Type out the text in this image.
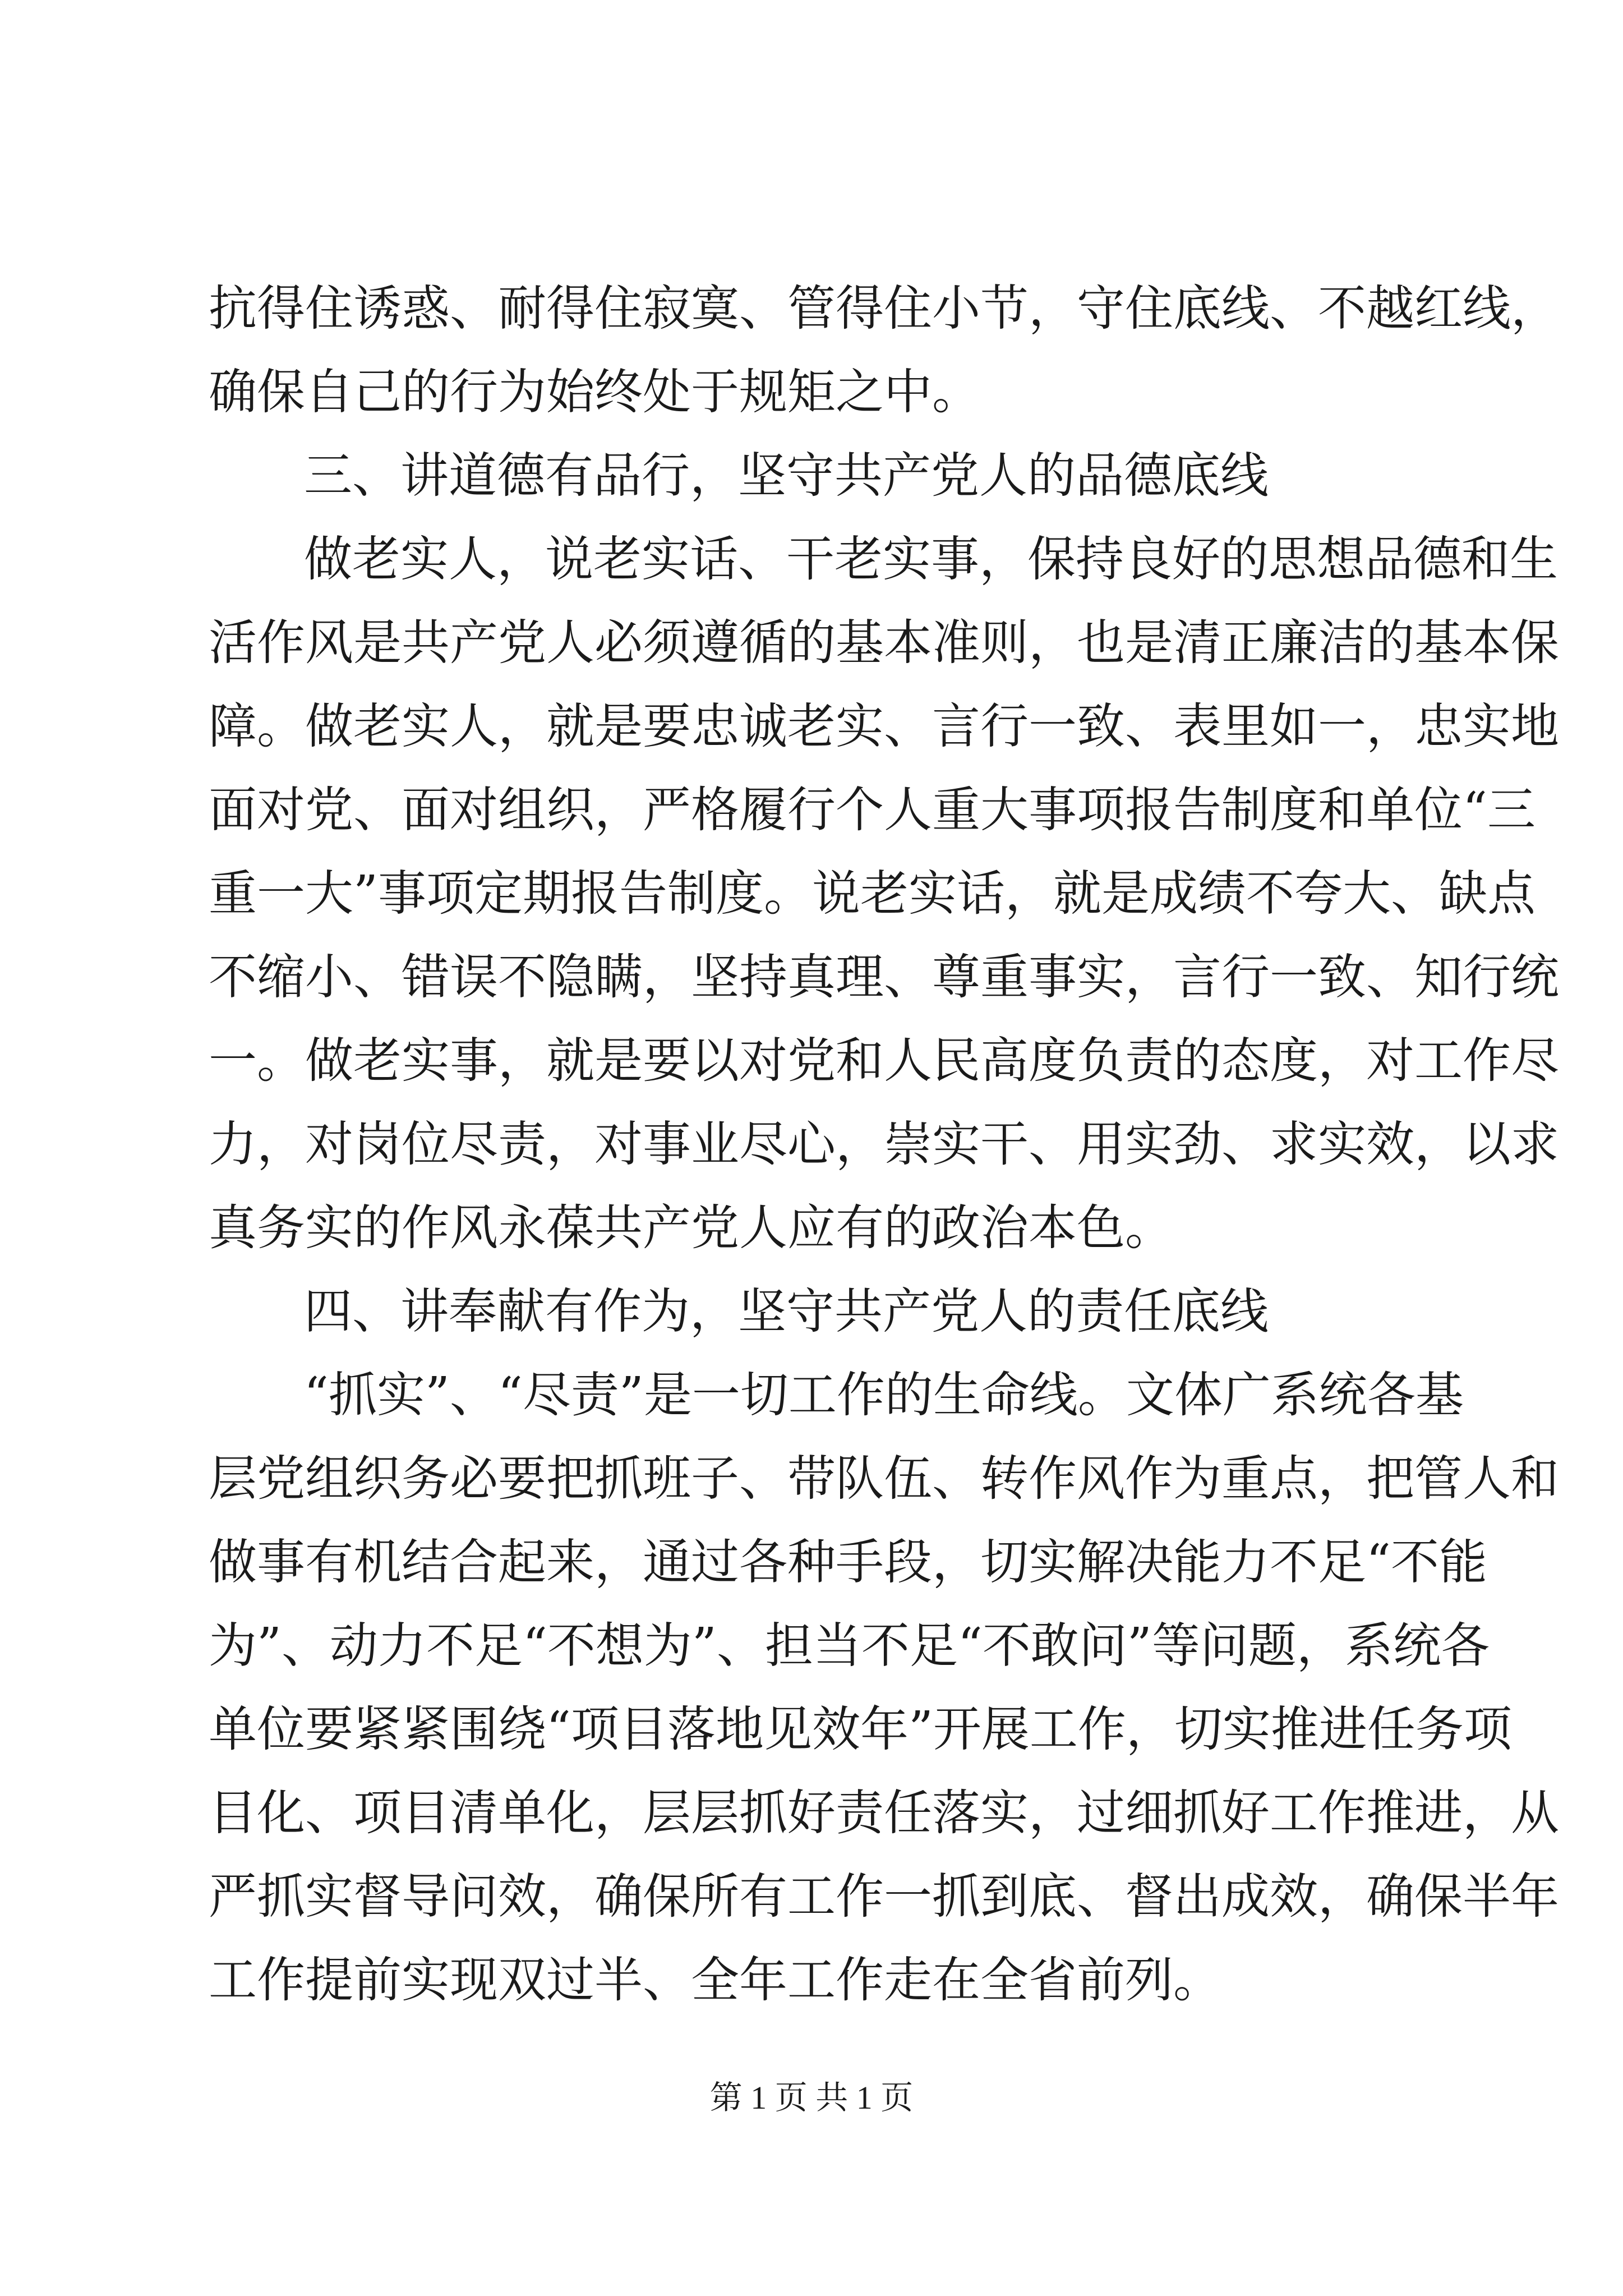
抗得住诱惑、耐得住寂寞、管得住小节，守住底线、不越红线，
确保自己的行为始终处于规矩之中。
三、讲道德有品行，坚守共产党人的品德底线
做老实人，说老实话、干老实事，保持良好的思想品德和生
活作风是共产党人必须遵循的基本准则，也是清正廉洁的基本保
障。做老实人，就是要忠诚老实、言行一致、表里如一，忠实地
面对党、面对组织，严格履行个人重大事项报告制度和单位“三
重一大”事项定期报告制度。说老实话，就是成绩不夸大、缺点
不缩小、错误不隐瞒，坚持真理、尊重事实，言行一致、知行统
一。做老实事，就是要以对党和人民高度负责的态度，对工作尽
力，对岗位尽责，对事业尽心，崇实干、用实劲、求实效，以求
真务实的作风永葆共产党人应有的政治本色。
四、讲奉献有作为，坚守共产党人的责任底线
“抓实”、“尽责”是一切工作的生命线。文体广系统各基
层党组织务必要把抓班子、带队伍、转作风作为重点，把管人和
做事有机结合起来，通过各种手段，切实解决能力不足“不能
为”、动力不足“不想为”、担当不足“不敢问”等问题，系统各
单位要紧紧围绕“项目落地见效年”开展工作，切实推进任务项
目化、项目清单化，层层抓好责任落实，过细抓好工作推进，从
严抓实督导问效，确保所有工作一抓到底、督出成效，确保半年
工作提前实现双过半、全年工作走在全省前列。
第 1 页 共 1 页
